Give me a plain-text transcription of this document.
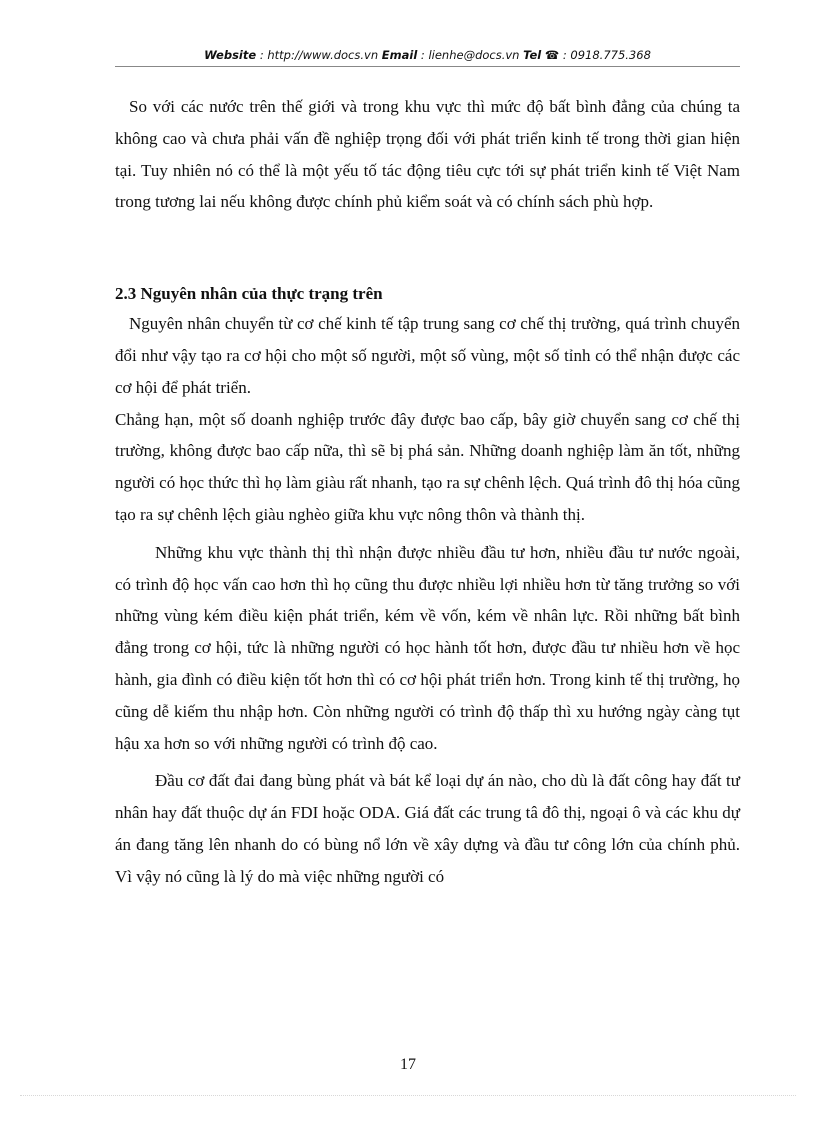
Website : http://www.docs.vn Email : lienhe@docs.vn Tel ☎ : 0918.775.368

So với các nước trên thế giới và trong khu vực thì mức độ bất bình đẳng của chúng ta không cao và chưa phải vấn đề nghiệp trọng đối với phát triển kinh tế trong thời gian hiện tại. Tuy nhiên nó có thể là một yếu tố tác động tiêu cực tới sự phát triển kinh tế Việt Nam trong tương lai nếu không được chính phủ kiểm soát và có chính sách phù hợp.

2.3 Nguyên nhân của thực trạng trên

Nguyên nhân chuyển từ cơ chế kinh tế tập trung sang cơ chế thị trường, quá trình chuyển đổi như vậy tạo ra cơ hội cho một số người, một số vùng, một số tỉnh có thể nhận được các cơ hội để phát triển.

Chẳng hạn, một số doanh nghiệp trước đây được bao cấp, bây giờ chuyển sang cơ chế thị trường, không được bao cấp nữa, thì sẽ bị phá sản. Những doanh nghiệp làm ăn tốt, những người có học thức thì họ làm giàu rất nhanh, tạo ra sự chênh lệch. Quá trình đô thị hóa cũng tạo ra sự chênh lệch giàu nghèo giữa khu vực nông thôn và thành thị.

Những khu vực thành thị thì nhận được nhiều đầu tư hơn, nhiều đầu tư nước ngoài, có trình độ học vấn cao hơn thì họ cũng thu được nhiều lợi nhiều hơn từ tăng trưởng so với những vùng kém điều kiện phát triển, kém về vốn, kém về nhân lực. Rồi những bất bình đẳng trong cơ hội, tức là những người có học hành tốt hơn, được đầu tư nhiều hơn về học hành, gia đình có điều kiện tốt hơn thì có cơ hội phát triển hơn. Trong kinh tế thị trường, họ cũng dễ kiếm thu nhập hơn. Còn những người có trình độ thấp thì xu hướng ngày càng tụt hậu xa hơn so với những người có trình độ cao.

Đầu cơ đất đai đang bùng phát và bát kể loại dự án nào, cho dù là đất công hay đất tư nhân hay đất thuộc dự án FDI hoặc ODA. Giá đất các trung tâ đô thị, ngoại ô và các khu dự án đang tăng lên nhanh do có bùng nổ lớn về xây dựng và đầu tư công lớn của chính phủ. Vì vậy nó cũng là lý do mà việc những người có

17
